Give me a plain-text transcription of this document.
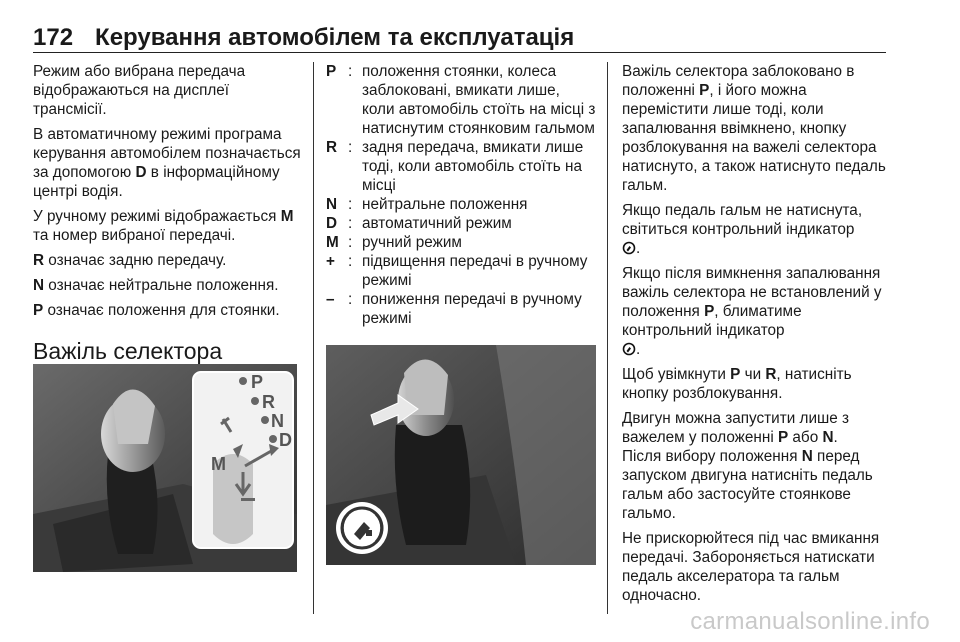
172 Керування автомобілем та експлуатація

Режим або вибрана передача відображаються на дисплеї трансмісії.

В автоматичному режимі програма керування автомобілем позначається за допомогою D в інформаційному центрі водія.

У ручному режимі відображається M та номер вибраної передачі.

R означає задню передачу.

N означає нейтральне положення.

P означає положення для стоянки.

Важіль селектора
P
R
N
D
M
P : положення стоянки, колеса заблоковані, вмикати лише, коли автомобіль стоїть на місці з натиснутим стоянковим гальмом
R : задня передача, вмикати лише тоді, коли автомобіль стоїть на місці
N : нейтральне положення
D : автоматичний режим
M : ручний режим
+ : підвищення передачі в ручному режимі
– : пониження передачі в ручному режимі

Важіль селектора заблоковано в положенні P, і його можна перемістити лише тоді, коли запалювання ввімкнено, кнопку розблокування на важелі селектора натиснуто, а також натиснуто педаль гальм.

Якщо педаль гальм не натиснута, світиться контрольний індикатор
.

Якщо після вимкнення запалювання важіль селектора не встановлений у положення P, блиматиме контрольний індикатор
.

Щоб увімкнути P чи R, натисніть кнопку розблокування.

Двигун можна запустити лише з важелем у положенні P або N.
Після вибору положення N перед запуском двигуна натисніть педаль гальм або застосуйте стоянкове гальмо.

Не прискорюйтеся під час вмикання передачі. Забороняється натискати педаль акселератора та гальм одночасно.

carmanualsonline.info
